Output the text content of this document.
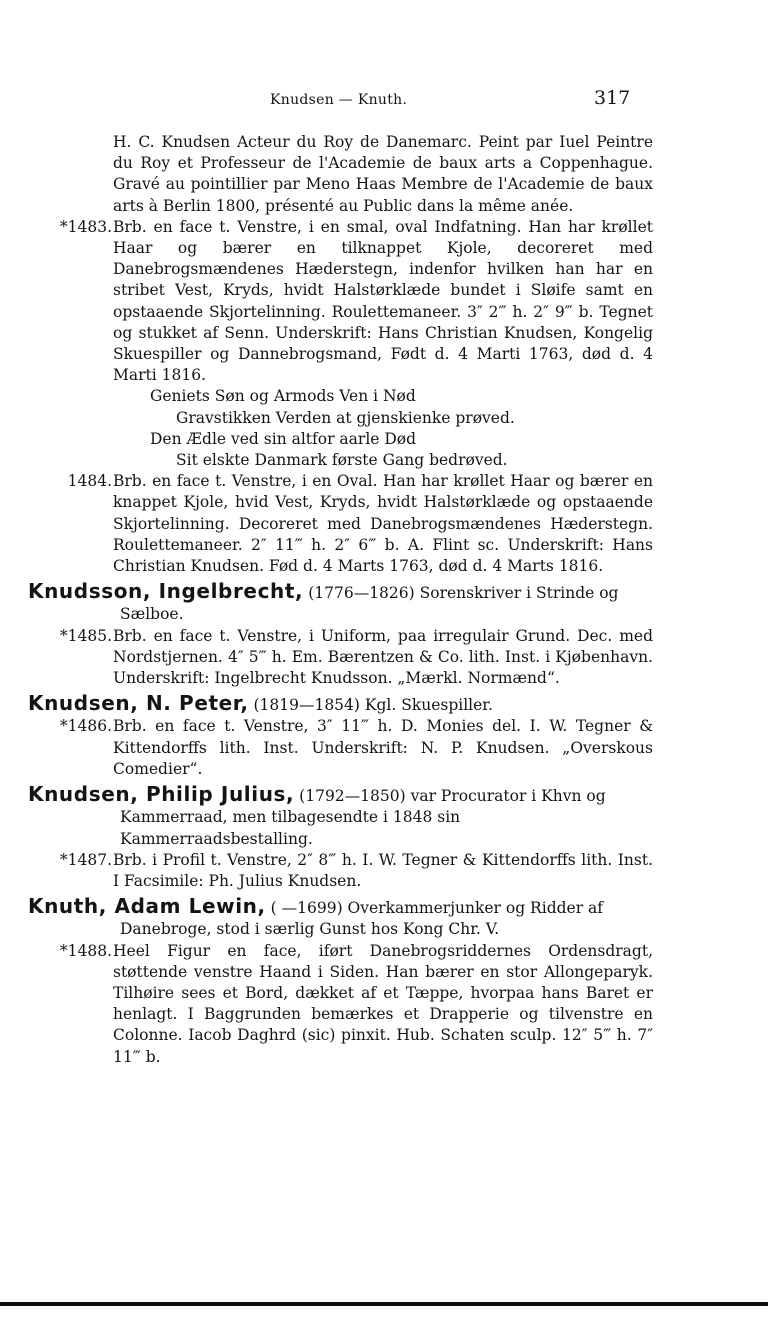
Knudsen — Knuth.	317
H. C. Knudsen Acteur du Roy de Danemarc. Peint par Iuel Peintre du Roy et Professeur de l'Academie de baux arts a Coppenhague. Gravé au pointillier par Meno Haas Membre de l'Academie de baux arts à Berlin 1800, présenté au Public dans la même anée.
*1483. Brb. en face t. Venstre, i en smal, oval Indfatning. Han har krøllet Haar og bærer en tilknappet Kjole, decoreret med Danebrogsmændenes Hæderstegn, indenfor hvilken han har en stribet Vest, Kryds, hvidt Halstørklæde bundet i Sløife samt en opstaaende Skjortelinning. Roulettemaneer. 3″ 2‴ h. 2″ 9‴ b. Tegnet og stukket af Senn. Underskrift: Hans Christian Knudsen, Kongelig Skuespiller og Dannebrogsmand, Født d. 4 Marti 1763, død d. 4 Marti 1816.
Geniets Søn og Armods Ven i Nød
Gravstikken Verden at gjenskienke prøved.
Den Ædle ved sin altfor aarle Død
Sit elskte Danmark første Gang bedrøved.
1484. Brb. en face t. Venstre, i en Oval. Han har krøllet Haar og bærer en knappet Kjole, hvid Vest, Kryds, hvidt Halstørklæde og opstaaende Skjortelinning. Decoreret med Danebrogsmændenes Hæderstegn. Roulettemaneer. 2″ 11‴ h. 2″ 6‴ b. A. Flint sc. Underskrift: Hans Christian Knudsen. Fød d. 4 Marts 1763, død d. 4 Marts 1816.
Knudsson, Ingelbrecht, (1776—1826) Sorenskriver i Strinde og Sælboe.
*1485. Brb. en face t. Venstre, i Uniform, paa irregulair Grund. Dec. med Nordstjernen. 4″ 5‴ h. Em. Bærentzen & Co. lith. Inst. i Kjøbenhavn. Underskrift: Ingelbrecht Knudsson. „Mærkl. Normænd“.
Knudsen, N. Peter, (1819—1854) Kgl. Skuespiller.
*1486. Brb. en face t. Venstre, 3″ 11‴ h. D. Monies del. I. W. Tegner & Kittendorffs lith. Inst. Underskrift: N. P. Knudsen. „Overskous Comedier“.
Knudsen, Philip Julius, (1792—1850) var Procurator i Khvn og Kammerraad, men tilbagesendte i 1848 sin Kammerraadsbestalling.
*1487. Brb. i Profil t. Venstre, 2″ 8‴ h. I. W. Tegner & Kittendorffs lith. Inst. I Facsimile: Ph. Julius Knudsen.
Knuth, Adam Lewin, ( —1699) Overkammerjunker og Ridder af Danebroge, stod i særlig Gunst hos Kong Chr. V.
*1488. Heel Figur en face, iført Danebrogsriddernes Ordensdragt, støttende venstre Haand i Siden. Han bærer en stor Allongeparyk. Tilhøire sees et Bord, dækket af et Tæppe, hvorpaa hans Baret er henlagt. I Baggrunden bemærkes et Drapperie og tilvenstre en Colonne. Iacob Daghrd (sic) pinxit. Hub. Schaten sculp. 12″ 5‴ h. 7″ 11‴ b.
